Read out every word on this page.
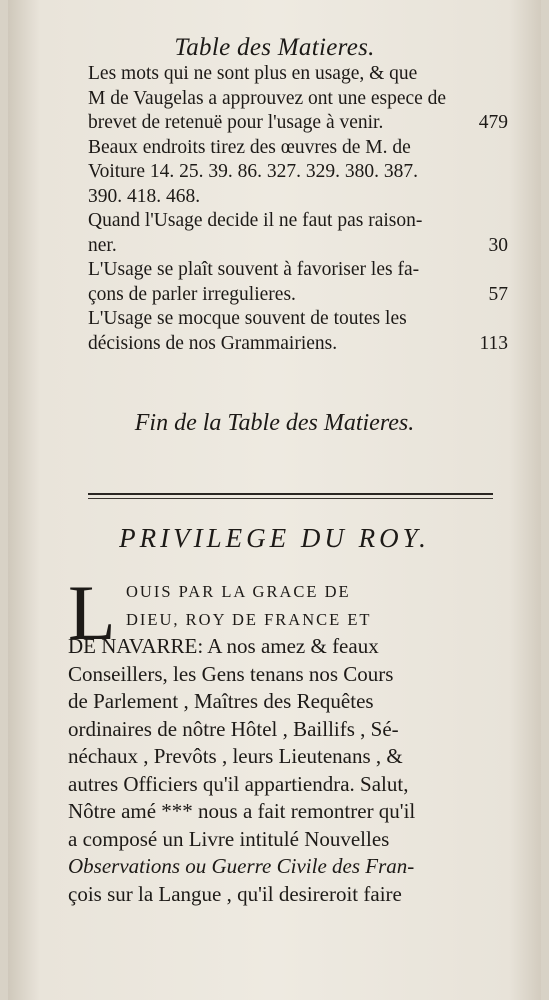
Table des Matieres.
Les mots qui ne sont plus en usage, & que
M de Vaugelas a approuvez ont une espece de
brevet de retenuë pour l'usage à venir.	479
Beaux endroits tirez des œuvres de M. de
Voiture 14. 25. 39. 86. 327. 329. 380. 387.
390. 418. 468.
Quand l'Usage decide il ne faut pas raison-
ner.	30
L'Usage se plaît souvent à favoriser les fa-
çons de parler irregulieres.	57
L'Usage se mocque souvent de toutes les
décisions de nos Grammairiens.	113
Fin de la Table des Matieres.
PRIVILEGE DU ROY.
L OUIS PAR LA GRACE DE
DIEU, ROY DE FRANCE ET
DE NAVARRE: A nos amez & feaux
Conseillers, les Gens tenans nos Cours
de Parlement , Maîtres des Requêtes
ordinaires de nôtre Hôtel , Baillifs , Sé-
néchaux , Prevôts , leurs Lieutenans , &
autres Officiers qu'il appartiendra. Salut,
Nôtre amé *** nous a fait remontrer qu'il
a composé un Livre intitulé Nouvelles
Observations ou Guerre Civile des Fran-
çois sur la Langue , qu'il desireroit faire
